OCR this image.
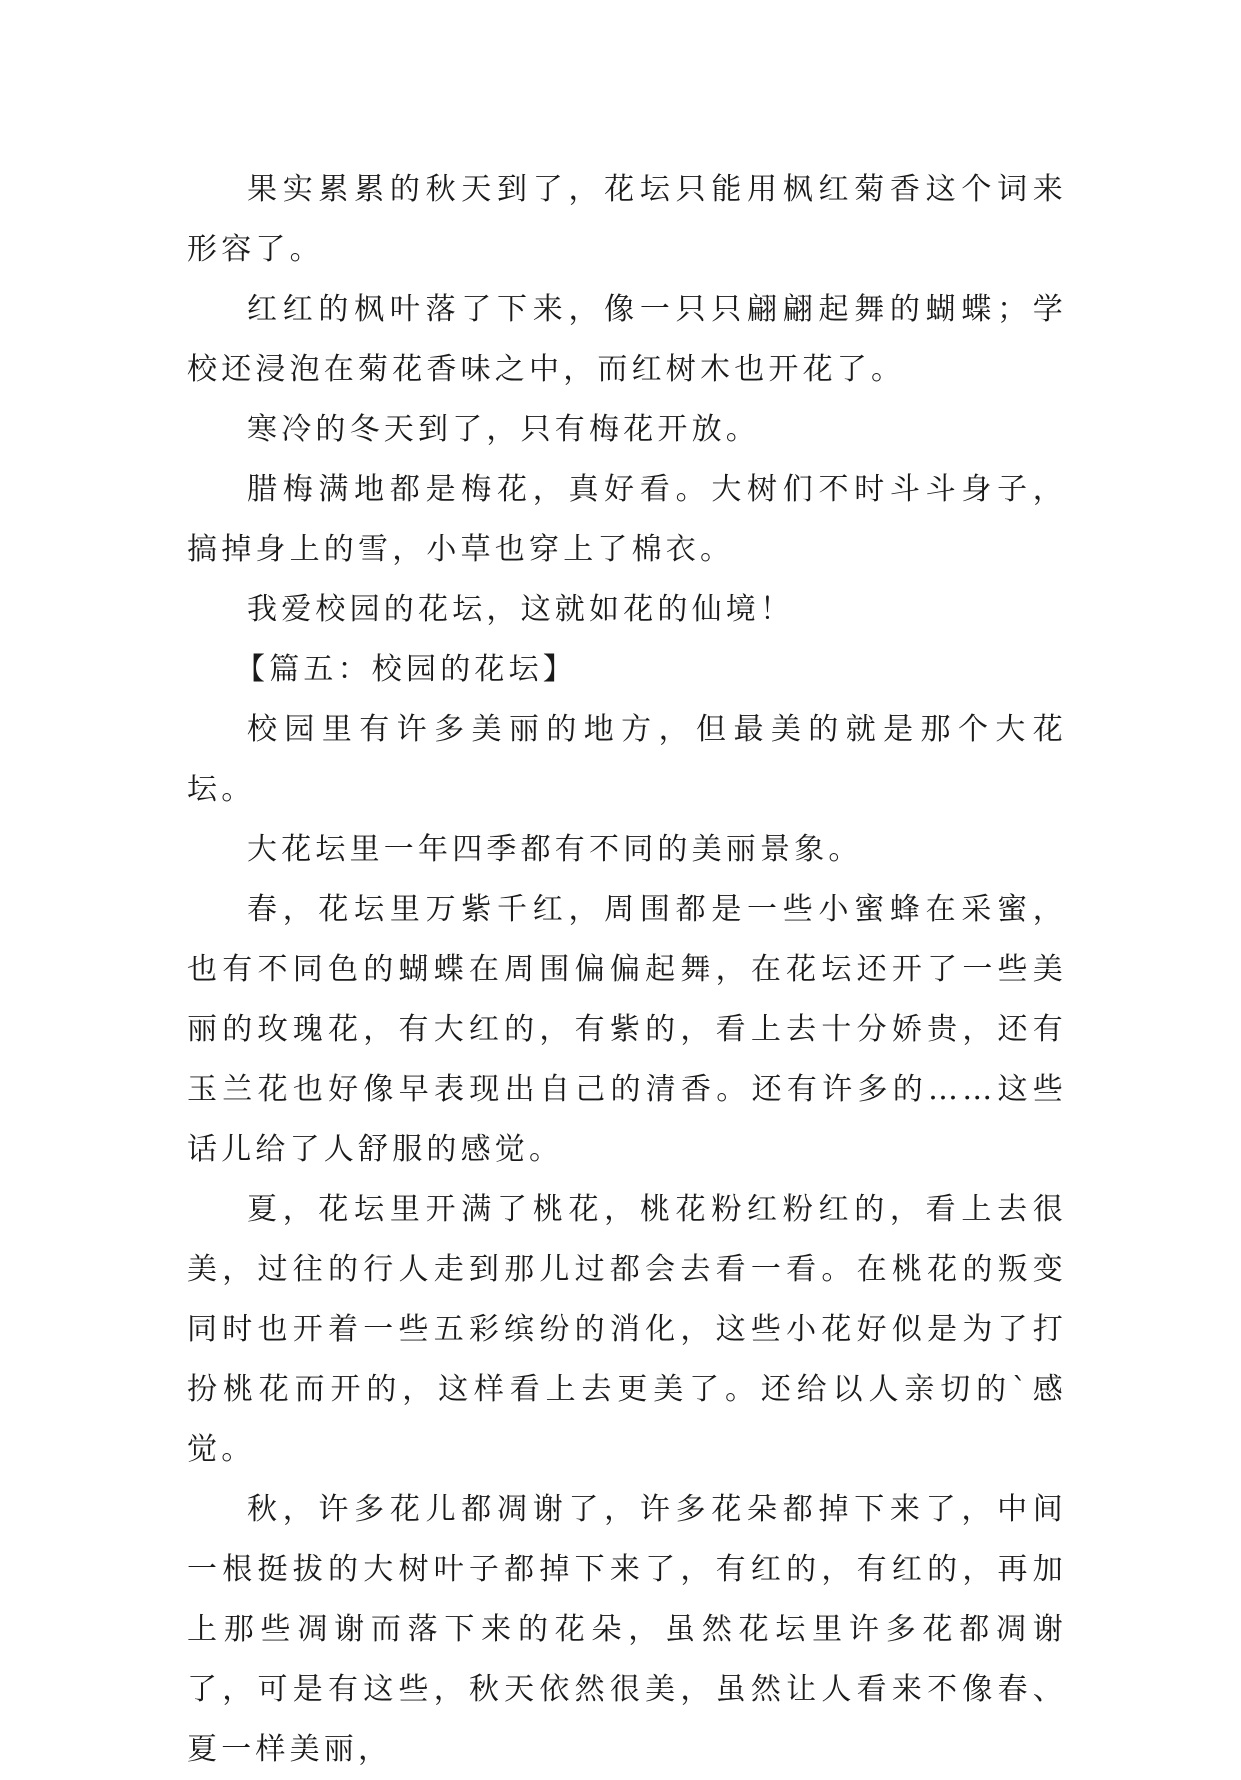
果实累累的秋天到了，花坛只能用枫红菊香这个词来形容了。

红红的枫叶落了下来，像一只只翩翩起舞的蝴蝶；学校还浸泡在菊花香味之中，而红树木也开花了。

寒冷的冬天到了，只有梅花开放。

腊梅满地都是梅花，真好看。大树们不时斗斗身子，搞掉身上的雪，小草也穿上了棉衣。

我爱校园的花坛，这就如花的仙境！

【篇五：校园的花坛】

校园里有许多美丽的地方，但最美的就是那个大花坛。

大花坛里一年四季都有不同的美丽景象。

春，花坛里万紫千红，周围都是一些小蜜蜂在采蜜，也有不同色的蝴蝶在周围偏偏起舞，在花坛还开了一些美丽的玫瑰花，有大红的，有紫的，看上去十分娇贵，还有玉兰花也好像早表现出自己的清香。还有许多的……这些话儿给了人舒服的感觉。

夏，花坛里开满了桃花，桃花粉红粉红的，看上去很美，过往的行人走到那儿过都会去看一看。在桃花的叛变同时也开着一些五彩缤纷的消化，这些小花好似是为了打扮桃花而开的，这样看上去更美了。还给以人亲切的`感觉。

秋，许多花儿都凋谢了，许多花朵都掉下来了，中间一根挺拔的大树叶子都掉下来了，有红的，有红的，再加上那些凋谢而落下来的花朵，虽然花坛里许多花都凋谢了，可是有这些，秋天依然很美，虽然让人看来不像春、夏一样美丽，
